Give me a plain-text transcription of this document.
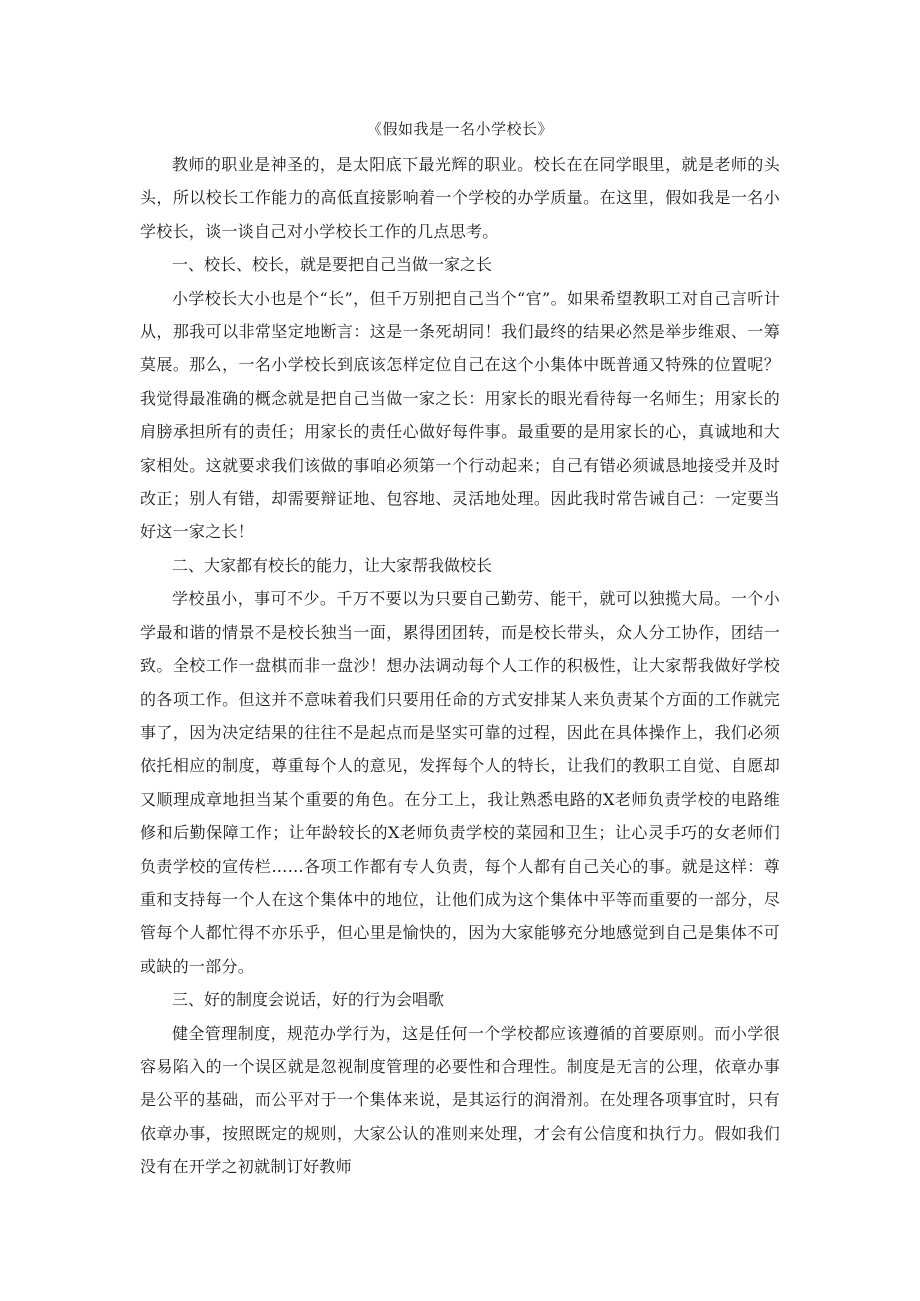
《假如我是一名小学校长》

教师的职业是神圣的，是太阳底下最光辉的职业。校长在在同学眼里，就是老师的头头，所以校长工作能力的高低直接影响着一个学校的办学质量。在这里，假如我是一名小学校长，谈一谈自己对小学校长工作的几点思考。

一、校长、校长，就是要把自己当做一家之长

小学校长大小也是个“长”，但千万别把自己当个“官”。如果希望教职工对自己言听计从，那我可以非常坚定地断言：这是一条死胡同！我们最终的结果必然是举步维艰、一筹莫展。那么，一名小学校长到底该怎样定位自己在这个小集体中既普通又特殊的位置呢？我觉得最准确的概念就是把自己当做一家之长：用家长的眼光看待每一名师生；用家长的肩膀承担所有的责任；用家长的责任心做好每件事。最重要的是用家长的心，真诚地和大家相处。这就要求我们该做的事咱必须第一个行动起来；自己有错必须诚恳地接受并及时改正；别人有错，却需要辩证地、包容地、灵活地处理。因此我时常告诫自己：一定要当好这一家之长！

二、大家都有校长的能力，让大家帮我做校长

学校虽小，事可不少。千万不要以为只要自己勤劳、能干，就可以独揽大局。一个小学最和谐的情景不是校长独当一面，累得团团转，而是校长带头，众人分工协作，团结一致。全校工作一盘棋而非一盘沙！想办法调动每个人工作的积极性，让大家帮我做好学校的各项工作。但这并不意味着我们只要用任命的方式安排某人来负责某个方面的工作就完事了，因为决定结果的往往不是起点而是坚实可靠的过程，因此在具体操作上，我们必须依托相应的制度，尊重每个人的意见，发挥每个人的特长，让我们的教职工自觉、自愿却又顺理成章地担当某个重要的角色。在分工上，我让熟悉电路的X老师负责学校的电路维修和后勤保障工作；让年龄较长的X老师负责学校的菜园和卫生；让心灵手巧的女老师们负责学校的宣传栏……各项工作都有专人负责，每个人都有自己关心的事。就是这样：尊重和支持每一个人在这个集体中的地位，让他们成为这个集体中平等而重要的一部分，尽管每个人都忙得不亦乐乎，但心里是愉快的，因为大家能够充分地感觉到自己是集体不可或缺的一部分。

三、好的制度会说话，好的行为会唱歌

健全管理制度，规范办学行为，这是任何一个学校都应该遵循的首要原则。而小学很容易陷入的一个误区就是忽视制度管理的必要性和合理性。制度是无言的公理，依章办事是公平的基础，而公平对于一个集体来说，是其运行的润滑剂。在处理各项事宜时，只有依章办事，按照既定的规则，大家公认的准则来处理，才会有公信度和执行力。假如我们没有在开学之初就制订好教师
